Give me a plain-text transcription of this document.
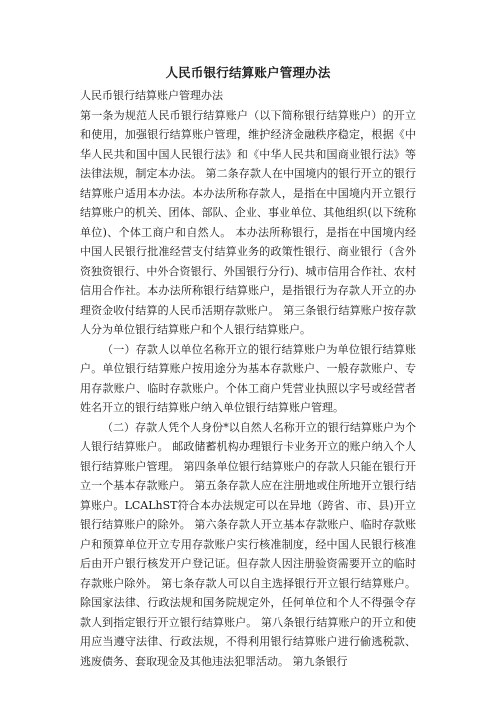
人民币银行结算账户管理办法

人民币银行结算账户管理办法

第一条为规范人民币银行结算账户（以下简称银行结算账户）的开立和使用，加强银行结算账户管理，维护经济金融秩序稳定，根据《中华人民共和国中国人民银行法》和《中华人民共和国商业银行法》等法律法规，制定本办法。 第二条存款人在中国境内的银行开立的银行结算账户适用本办法。本办法所称存款人，是指在中国境内开立银行结算账户的机关、团体、部队、企业、事业单位、其他组织(以下统称单位)、个体工商户和自然人。 本办法所称银行，是指在中国境内经中国人民银行批准经营支付结算业务的政策性银行、商业银行（含外资独资银行、中外合资银行、外国银行分行)、城市信用合作社、农村信用合作社。本办法所称银行结算账户，是指银行为存款人开立的办理资金收付结算的人民币活期存款账户。 第三条银行结算账户按存款人分为单位银行结算账户和个人银行结算账户。

（一）存款人以单位名称开立的银行结算账户为单位银行结算账户。单位银行结算账户按用途分为基本存款账户、一般存款账户、专用存款账户、临时存款账户。个体工商户凭营业执照以字号或经营者姓名开立的银行结算账户纳入单位银行结算账户管理。

（二）存款人凭个人身份*以自然人名称开立的银行结算账户为个人银行结算账户。 邮政储蓄机构办理银行卡业务开立的账户纳入个人银行结算账户管理。 第四条单位银行结算账户的存款人只能在银行开立一个基本存款账户。 第五条存款人应在注册地或住所地开立银行结算账户。LCALhST符合本办法规定可以在异地（跨省、市、县)开立银行结算账户的除外。 第六条存款人开立基本存款账户、临时存款账户和预算单位开立专用存款账户实行核准制度，经中国人民银行核准后由开户银行核发开户登记证。但存款人因注册验资需要开立的临时存款账户除外。 第七条存款人可以自主选择银行开立银行结算账户。除国家法律、行政法规和国务院规定外，任何单位和个人不得强令存款人到指定银行开立银行结算账户。 第八条银行结算账户的开立和使用应当遵守法律、行政法规，不得利用银行结算账户进行偷逃税款、逃废债务、套取现金及其他违法犯罪活动。 第九条银行
